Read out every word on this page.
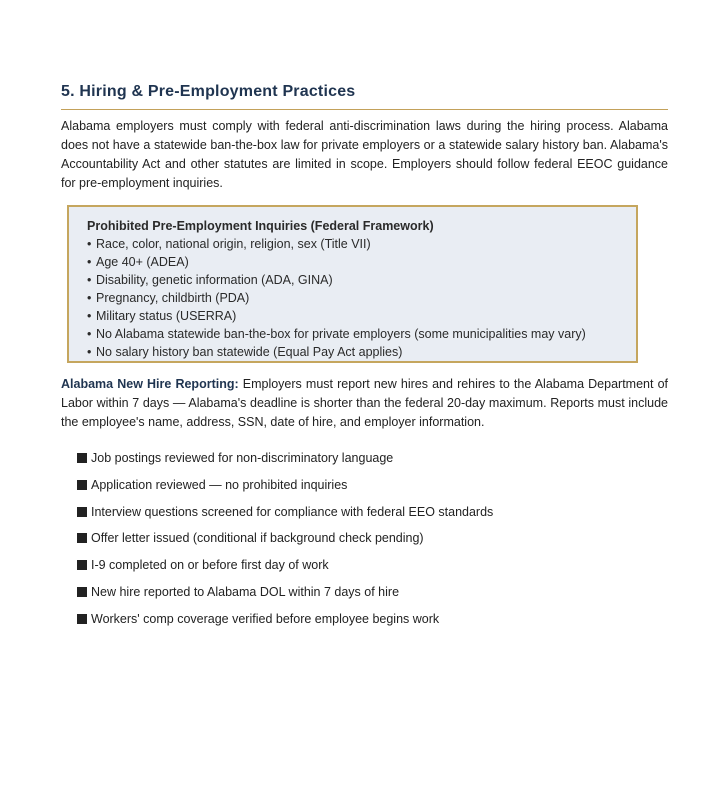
5. Hiring & Pre-Employment Practices

Alabama employers must comply with federal anti-discrimination laws during the hiring process. Alabama does not have a statewide ban-the-box law for private employers or a statewide salary history ban. Alabama's Accountability Act and other statutes are limited in scope. Employers should follow federal EEOC guidance for pre-employment inquiries.

Prohibited Pre-Employment Inquiries (Federal Framework)

• Race, color, national origin, religion, sex (Title VII)
• Age 40+ (ADEA)
• Disability, genetic information (ADA, GINA)
• Pregnancy, childbirth (PDA)
• Military status (USERRA)
• No Alabama statewide ban-the-box for private employers (some municipalities may vary)
• No salary history ban statewide (Equal Pay Act applies)

Alabama New Hire Reporting: Employers must report new hires and rehires to the Alabama Department of Labor within 7 days — Alabama's deadline is shorter than the federal 20-day maximum. Reports must include the employee's name, address, SSN, date of hire, and employer information.

Job postings reviewed for non-discriminatory language
Application reviewed — no prohibited inquiries
Interview questions screened for compliance with federal EEO standards
Offer letter issued (conditional if background check pending)
I-9 completed on or before first day of work
New hire reported to Alabama DOL within 7 days of hire
Workers' comp coverage verified before employee begins work
